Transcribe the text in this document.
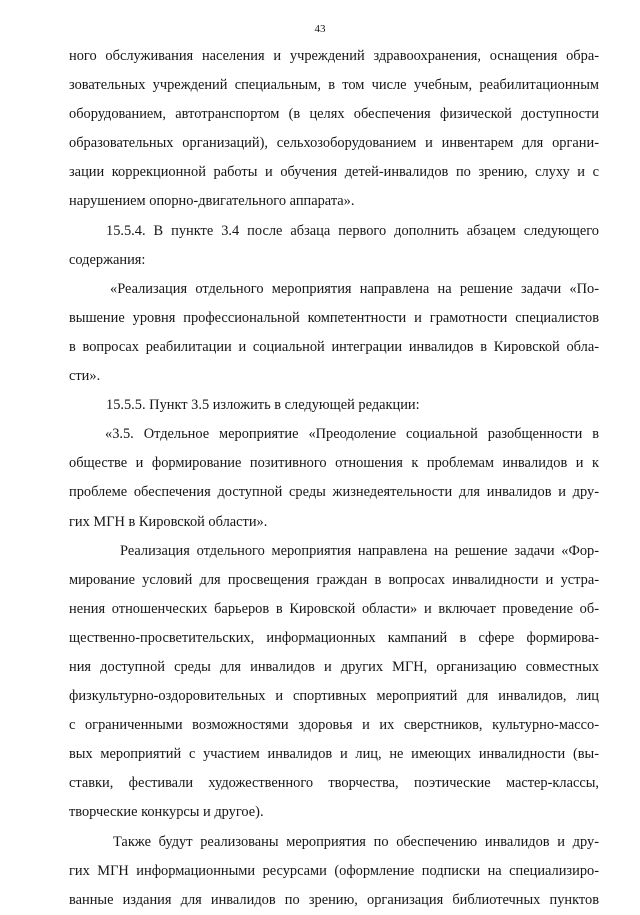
43
ного обслуживания населения и учреждений здравоохранения, оснащения обра-
зовательных учреждений специальным, в том числе учебным, реабилитационным
оборудованием, автотранспортом (в целях обеспечения физической доступности
образовательных организаций), сельхозоборудованием и инвентарем для органи-
зации коррекционной работы и обучения детей-инвалидов по зрению, слуху и с
нарушением опорно-двигательного аппарата».
15.5.4. В пункте 3.4 после абзаца первого дополнить абзацем следующего
содержания:
«Реализация отдельного мероприятия направлена на решение задачи «По-
вышение уровня профессиональной компетентности и грамотности специалистов
в вопросах реабилитации и социальной интеграции инвалидов в Кировской обла-
сти».
15.5.5. Пункт 3.5 изложить в следующей редакции:
«3.5. Отдельное мероприятие «Преодоление социальной разобщенности в
обществе и формирование позитивного отношения к проблемам инвалидов и к
проблеме обеспечения доступной среды жизнедеятельности для инвалидов и дру-
гих МГН в Кировской области».
Реализация отдельного мероприятия направлена на решение задачи «Фор-
мирование условий для просвещения граждан в вопросах инвалидности и устра-
нения отношенческих барьеров в Кировской области» и включает проведение об-
щественно-просветительских, информационных кампаний в сфере формирова-
ния доступной среды для инвалидов и других МГН, организацию совместных
физкультурно-оздоровительных и спортивных мероприятий для инвалидов, лиц
с ограниченными возможностями здоровья и их сверстников, культурно-массо-
вых мероприятий с участием инвалидов и лиц, не имеющих инвалидности (вы-
ставки, фестивали художественного творчества, поэтические мастер-классы,
творческие конкурсы и другое).
Также будут реализованы мероприятия по обеспечению инвалидов и дру-
гих МГН информационными ресурсами (оформление подписки на специализиро-
ванные издания для инвалидов по зрению, организация библиотечных пунктов
